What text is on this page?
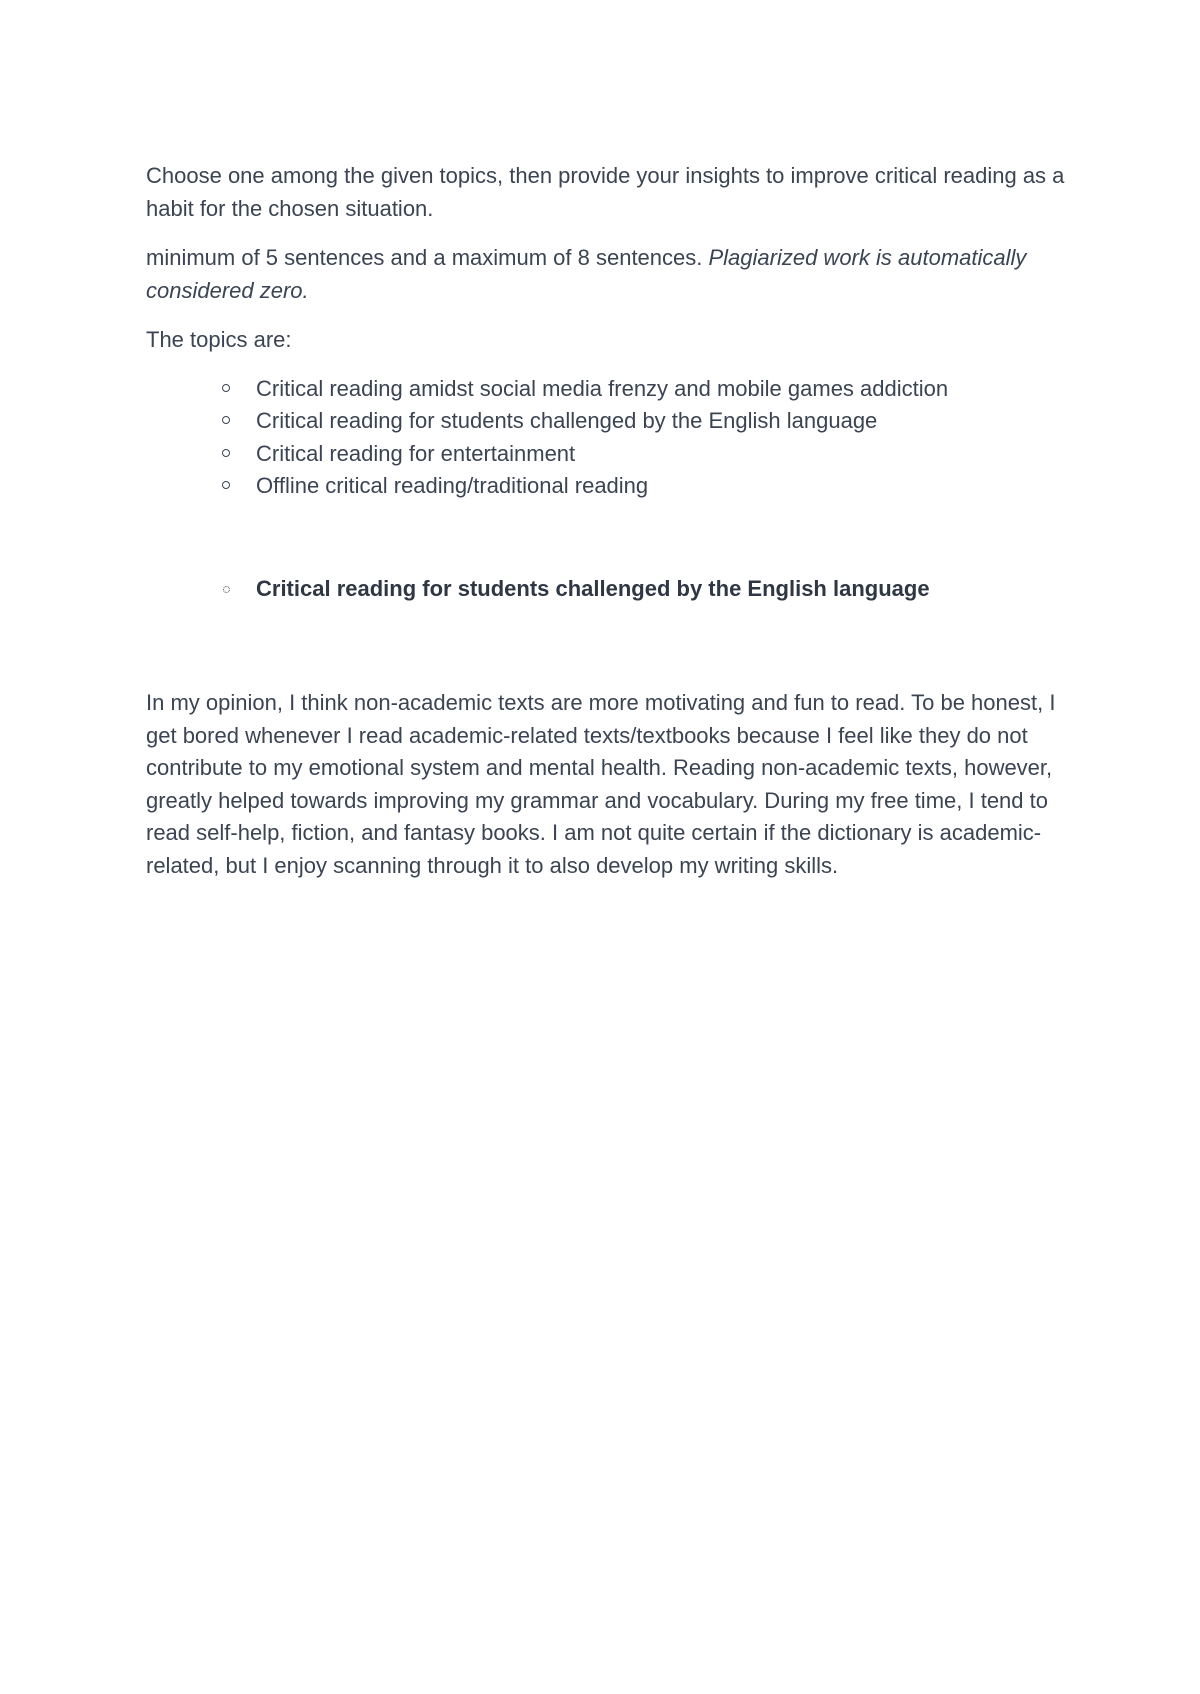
Choose one among the given topics, then provide your insights to improve critical reading as a habit for the chosen situation.

minimum of 5 sentences and a maximum of 8 sentences. Plagiarized work is automatically considered zero.

The topics are:

Critical reading amidst social media frenzy and mobile games addiction
Critical reading for students challenged by the English language
Critical reading for entertainment
Offline critical reading/traditional reading
Critical reading for students challenged by the English language

In my opinion, I think non-academic texts are more motivating and fun to read. To be honest, I get bored whenever I read academic-related texts/textbooks because I feel like they do not contribute to my emotional system and mental health. Reading non-academic texts, however, greatly helped towards improving my grammar and vocabulary. During my free time, I tend to read self-help, fiction, and fantasy books. I am not quite certain if the dictionary is academic-related, but I enjoy scanning through it to also develop my writing skills.
